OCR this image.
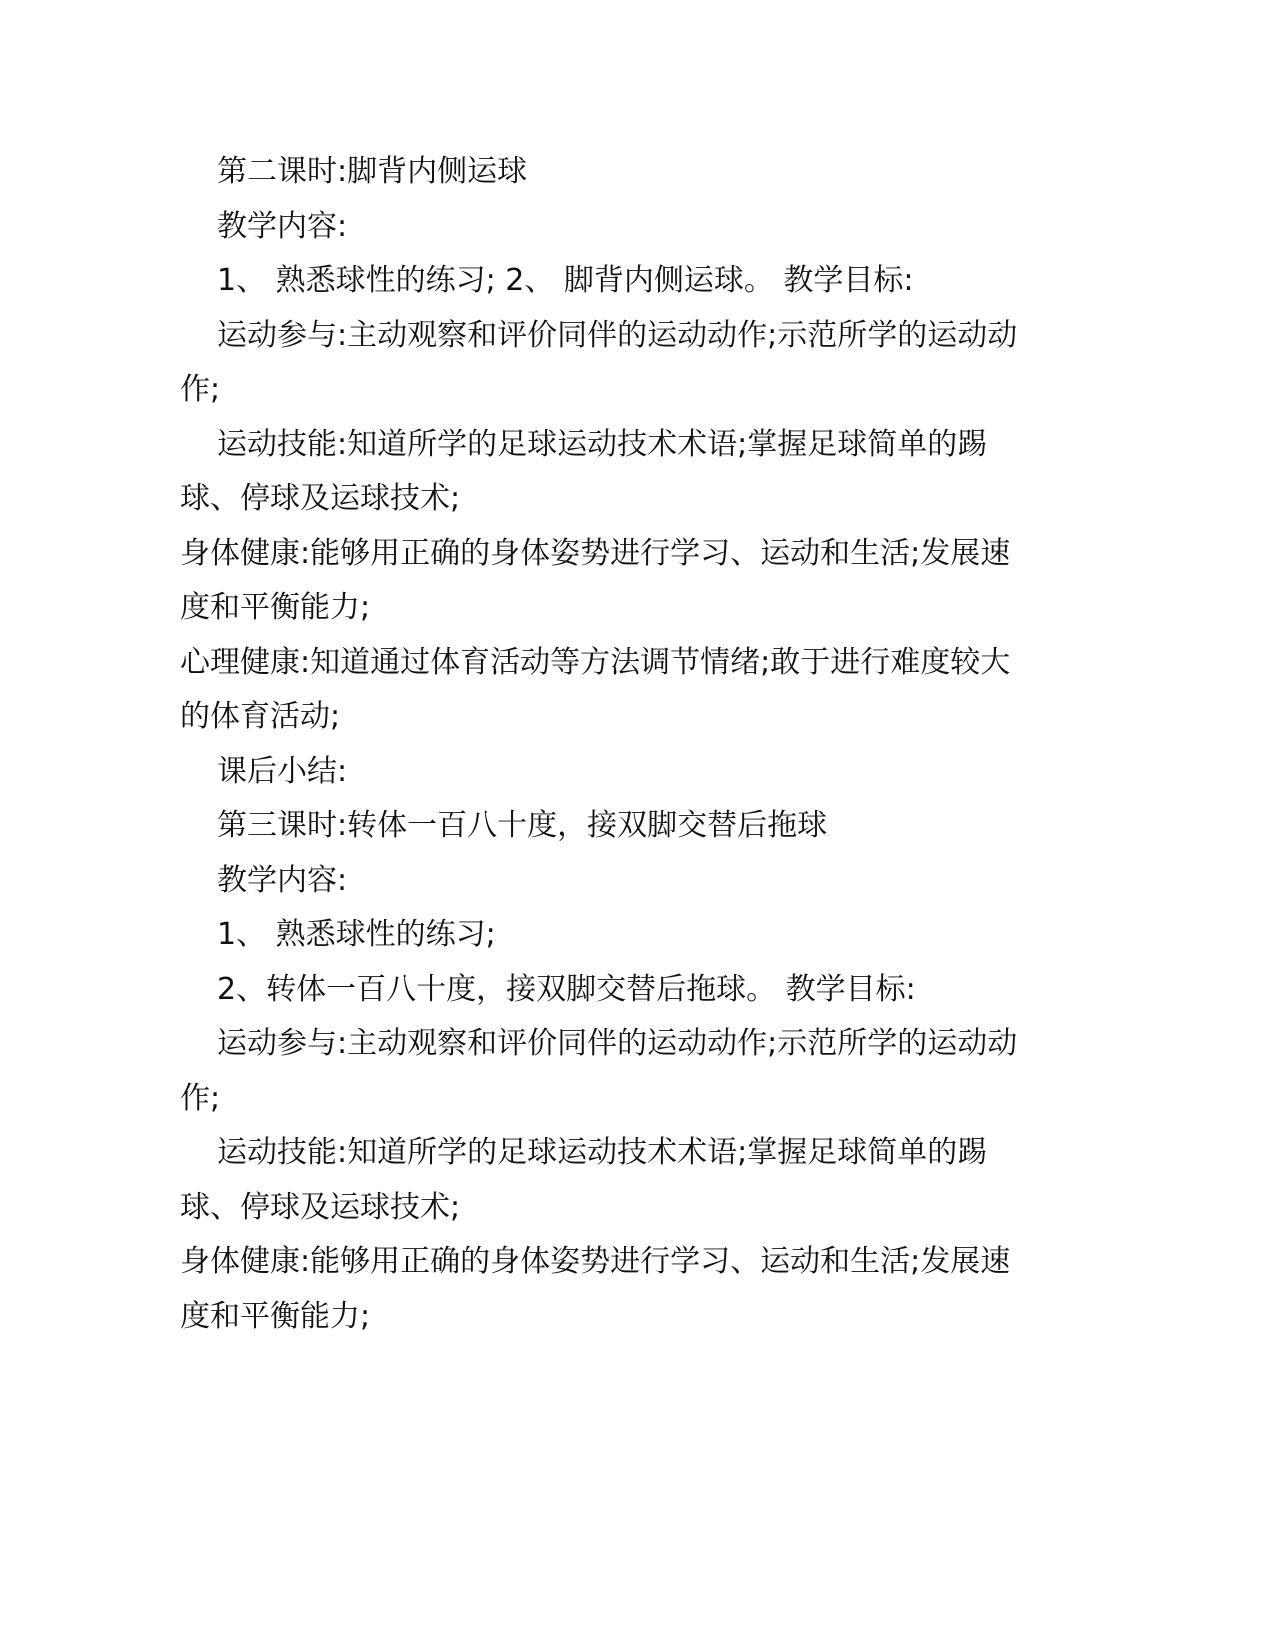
第二课时:脚背内侧运球

教学内容:

1、 熟悉球性的练习; 2、 脚背内侧运球。 教学目标:

运动参与:主动观察和评价同伴的运动动作;示范所学的运动动作;

运动技能:知道所学的足球运动技术术语;掌握足球简单的踢球、停球及运球技术;

身体健康:能够用正确的身体姿势进行学习、运动和生活;发展速度和平衡能力;

心理健康:知道通过体育活动等方法调节情绪;敢于进行难度较大的体育活动;

课后小结:

第三课时:转体一百八十度，接双脚交替后拖球

教学内容:

1、 熟悉球性的练习;

2、转体一百八十度，接双脚交替后拖球。 教学目标:

运动参与:主动观察和评价同伴的运动动作;示范所学的运动动作;

运动技能:知道所学的足球运动技术术语;掌握足球简单的踢球、停球及运球技术;

身体健康:能够用正确的身体姿势进行学习、运动和生活;发展速度和平衡能力;
